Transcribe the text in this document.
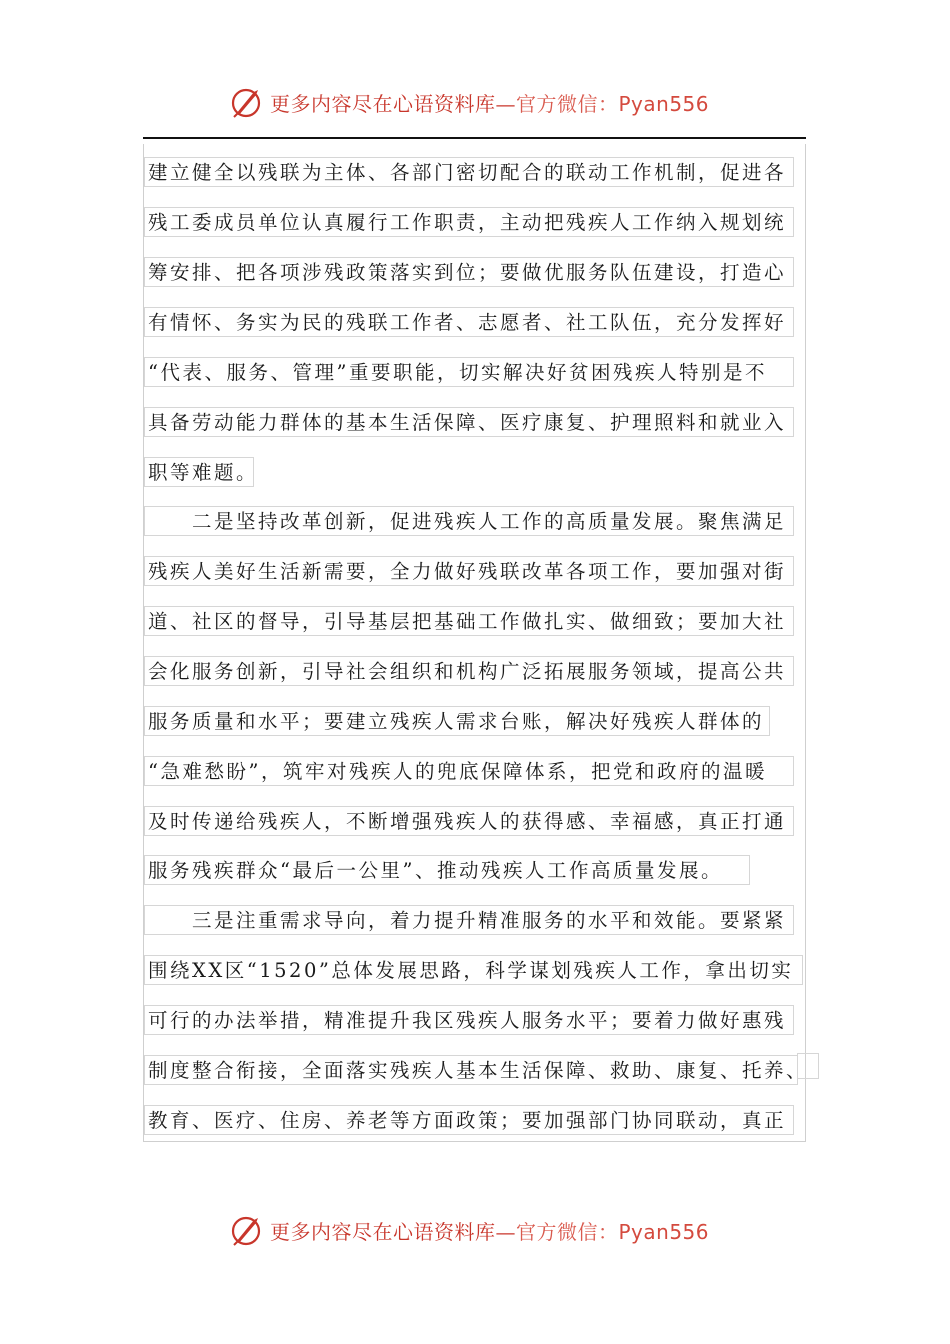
更多内容尽在心语资料库—官方微信：Pyan556
建立健全以残联为主体、各部门密切配合的联动工作机制，促进各
残工委成员单位认真履行工作职责，主动把残疾人工作纳入规划统
筹安排、把各项涉残政策落实到位；要做优服务队伍建设，打造心
有情怀、务实为民的残联工作者、志愿者、社工队伍，充分发挥好
“代表、服务、管理”重要职能，切实解决好贫困残疾人特别是不
具备劳动能力群体的基本生活保障、医疗康复、护理照料和就业入
职等难题。
　　二是坚持改革创新，促进残疾人工作的高质量发展。聚焦满足
残疾人美好生活新需要，全力做好残联改革各项工作，要加强对街
道、社区的督导，引导基层把基础工作做扎实、做细致；要加大社
会化服务创新，引导社会组织和机构广泛拓展服务领域，提高公共
服务质量和水平；要建立残疾人需求台账，解决好残疾人群体的
“急难愁盼”，筑牢对残疾人的兜底保障体系，把党和政府的温暖
及时传递给残疾人，不断增强残疾人的获得感、幸福感，真正打通
服务残疾群众“最后一公里”、推动残疾人工作高质量发展。
　　三是注重需求导向，着力提升精准服务的水平和效能。要紧紧
围绕XX区“1520”总体发展思路，科学谋划残疾人工作，拿出切实
可行的办法举措，精准提升我区残疾人服务水平；要着力做好惠残
制度整合衔接，全面落实残疾人基本生活保障、救助、康复、托养、
教育、医疗、住房、养老等方面政策；要加强部门协同联动，真正
更多内容尽在心语资料库—官方微信：Pyan556
